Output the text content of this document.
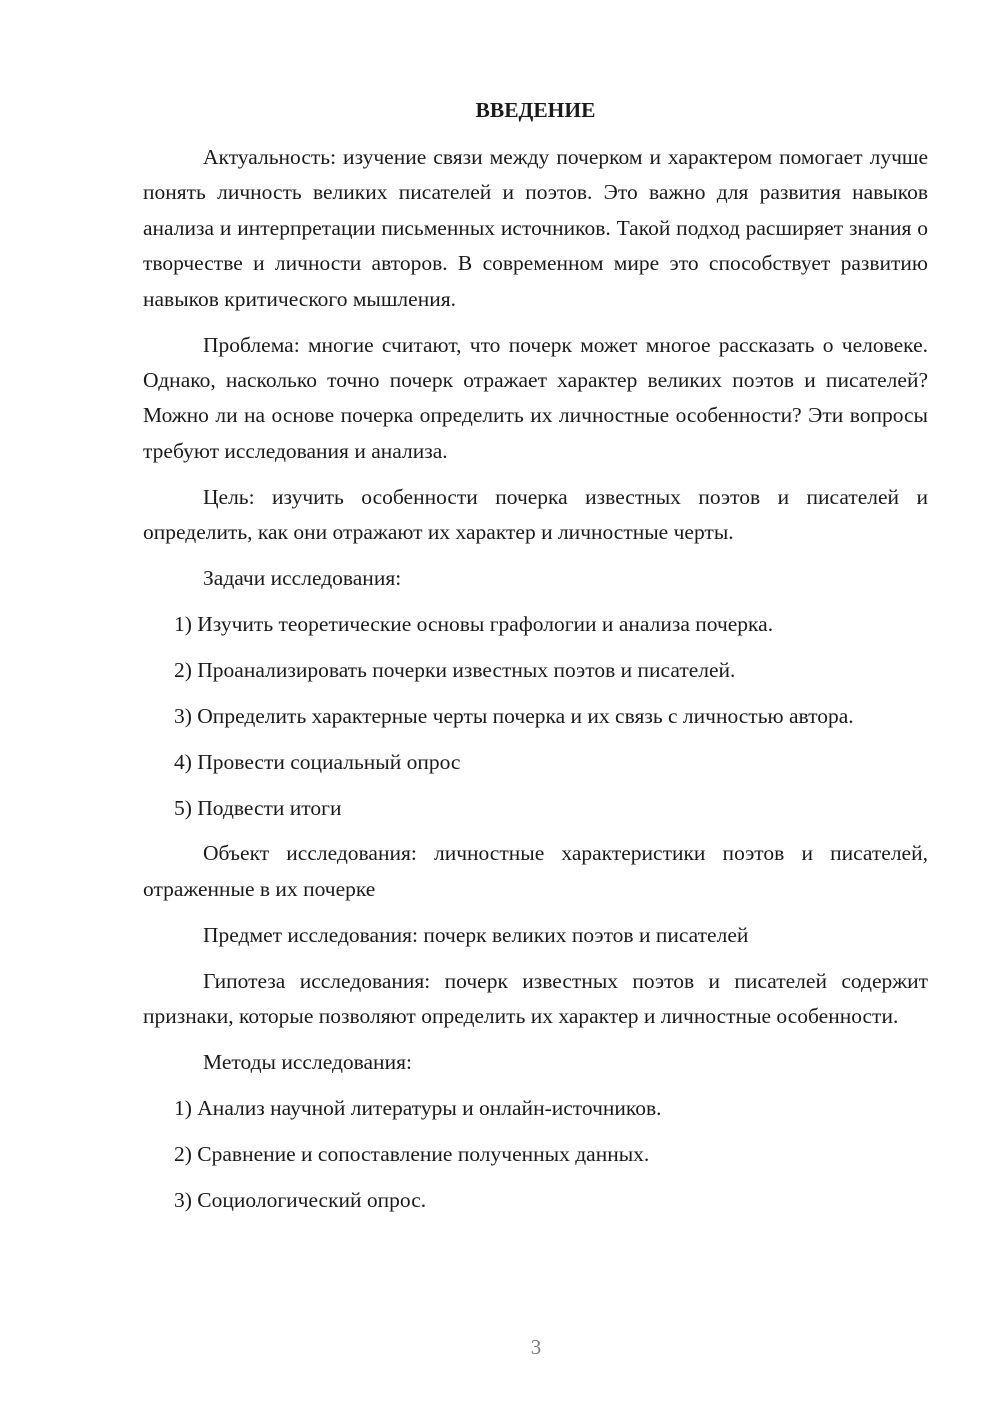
ВВЕДЕНИЕ

Актуальность: изучение связи между почерком и характером помогает лучше понять личность великих писателей и поэтов. Это важно для развития навыков анализа и интерпретации письменных источников. Такой подход расширяет знания о творчестве и личности авторов. В современном мире это способствует развитию навыков критического мышления.

Проблема: многие считают, что почерк может многое рассказать о человеке. Однако, насколько точно почерк отражает характер великих поэтов и писателей? Можно ли на основе почерка определить их личностные особенности? Эти вопросы требуют исследования и анализа.

Цель: изучить особенности почерка известных поэтов и писателей и определить, как они отражают их характер и личностные черты.

Задачи исследования:

1) Изучить теоретические основы графологии и анализа почерка.

2) Проанализировать почерки известных поэтов и писателей.

3) Определить характерные черты почерка и их связь с личностью автора.

4) Провести социальный опрос

5) Подвести итоги

Объект исследования: личностные характеристики поэтов и писателей, отраженные в их почерке

Предмет исследования: почерк великих поэтов и писателей

Гипотеза исследования: почерк известных поэтов и писателей содержит признаки, которые позволяют определить их характер и личностные особенности.

Методы исследования:

1) Анализ научной литературы и онлайн-источников.

2) Сравнение и сопоставление полученных данных.

3) Социологический опрос.

3
